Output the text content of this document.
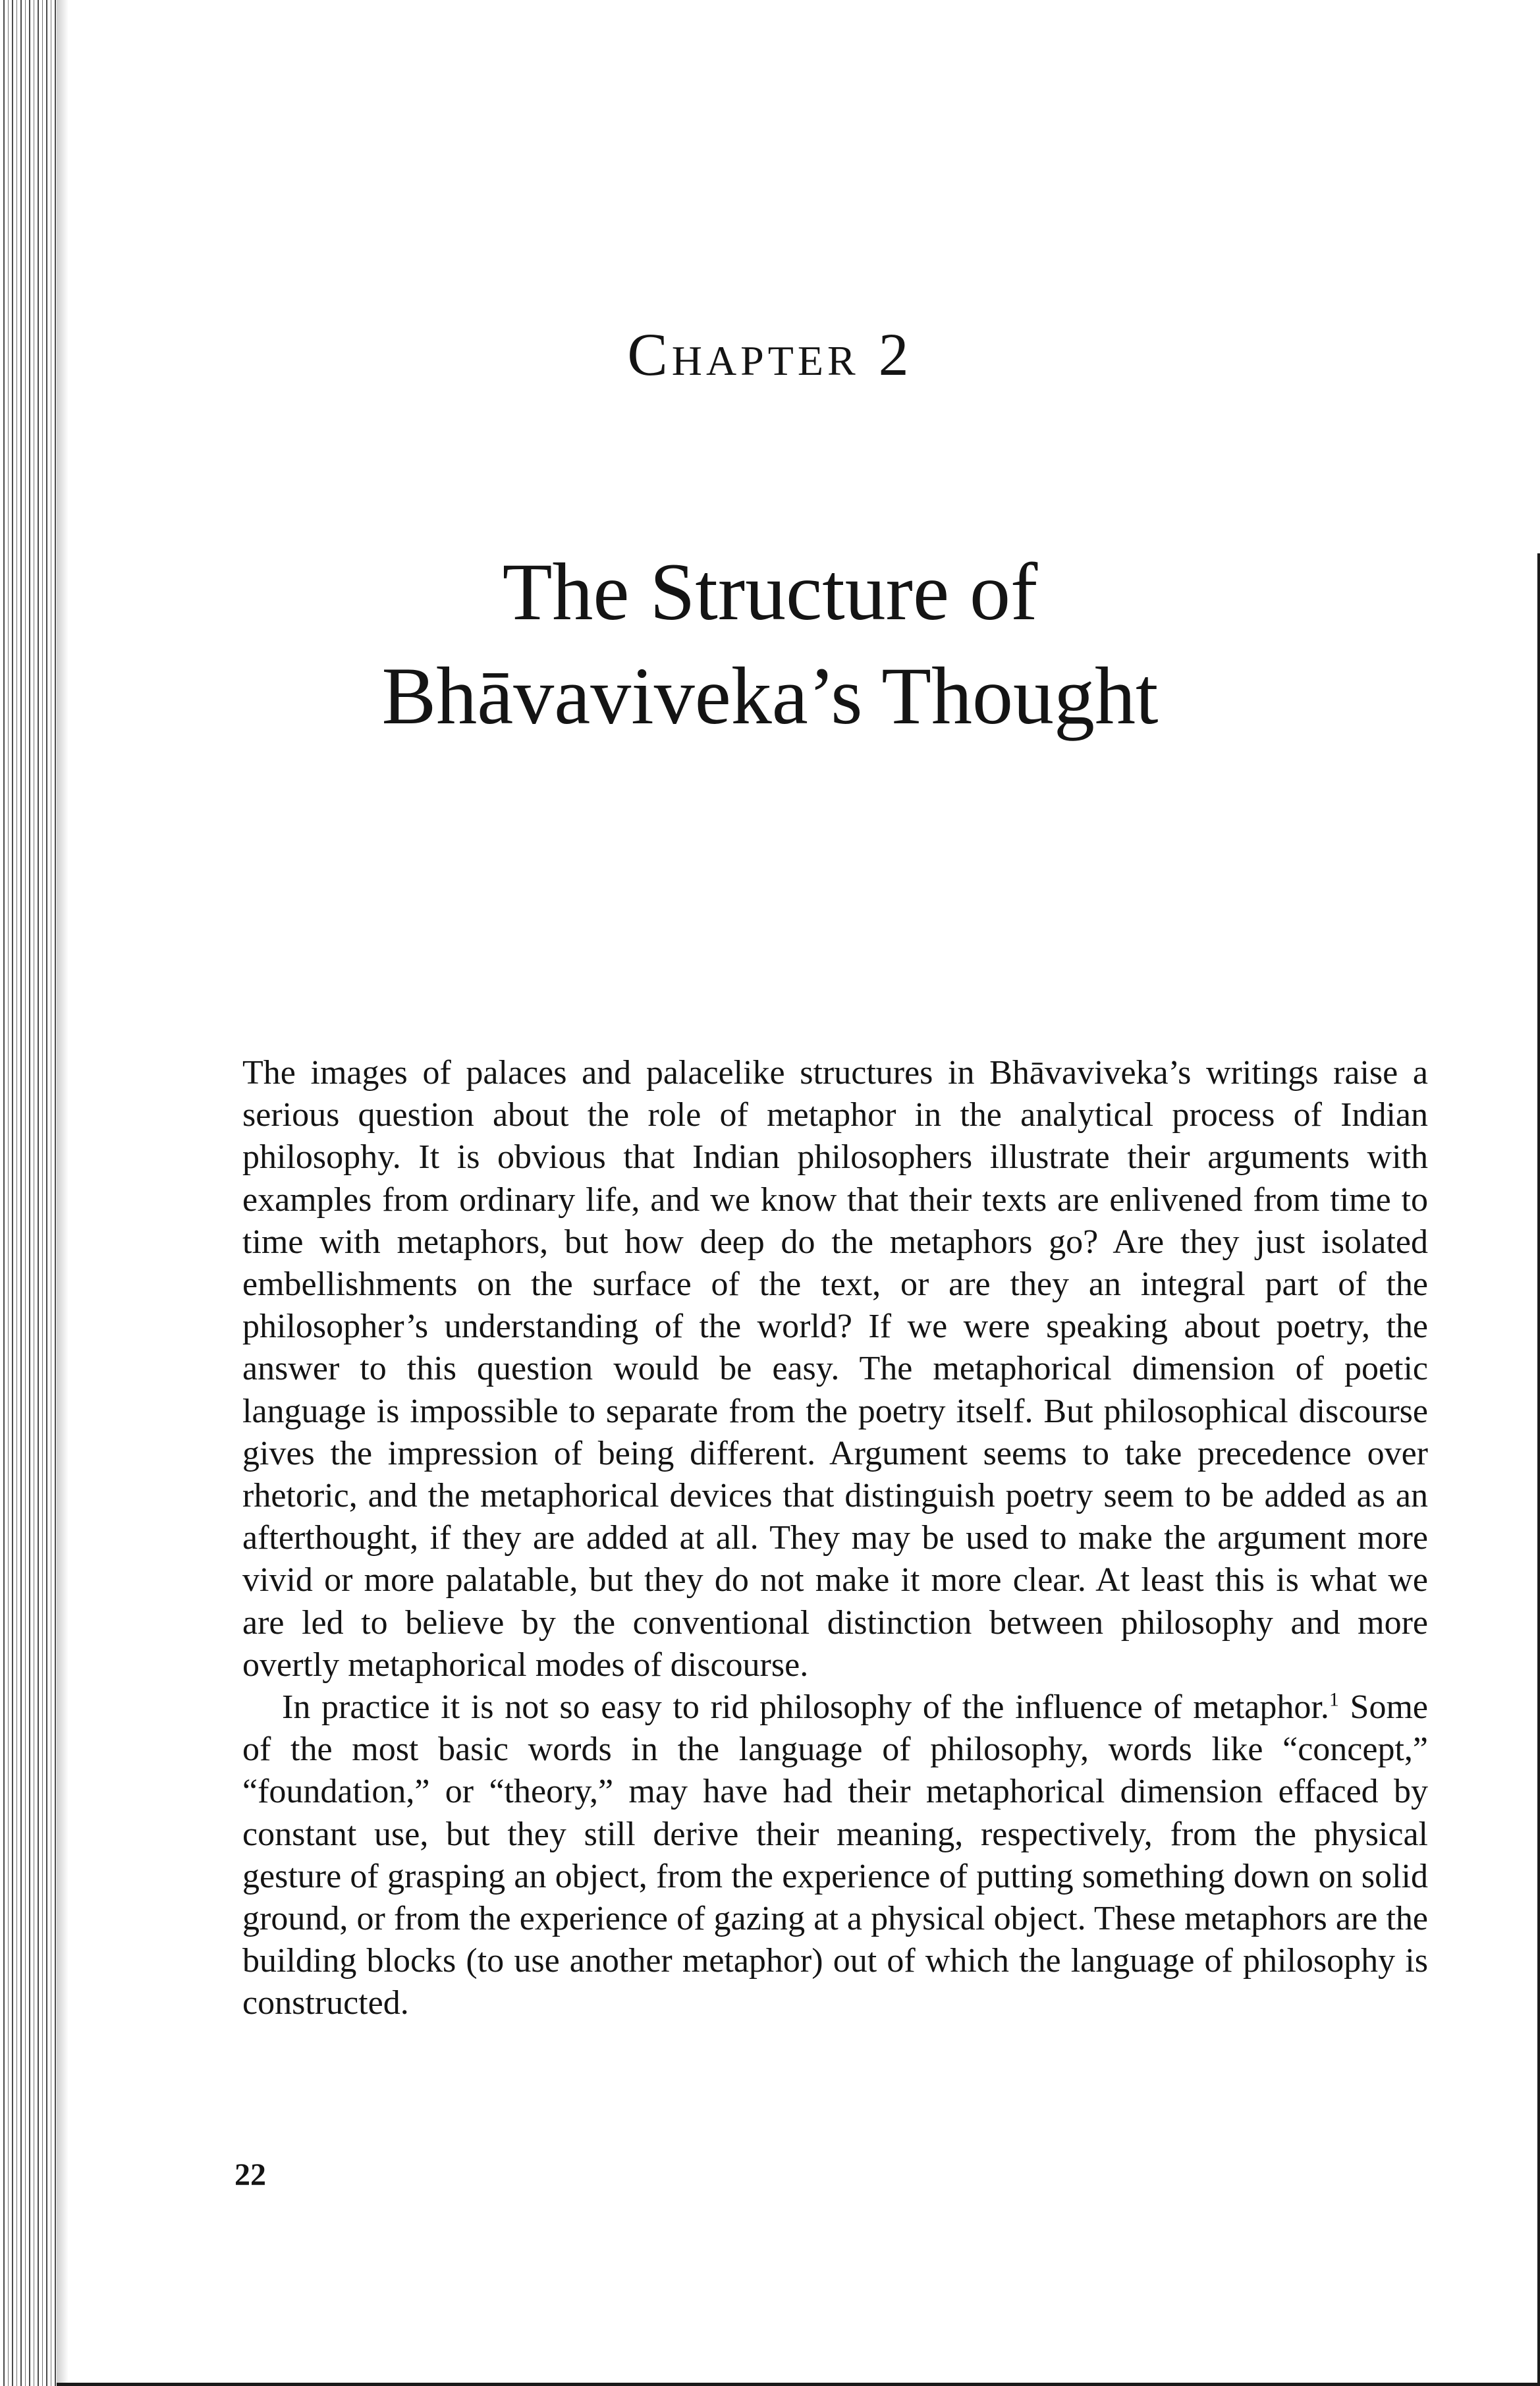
Chapter 2
The Structure of
Bhāvaviveka’s Thought

The images of palaces and palacelike structures in Bhāvaviveka’s writings raise a serious question about the role of metaphor in the analytical process of Indian philosophy. It is obvious that Indian philosophers illustrate their arguments with examples from ordinary life, and we know that their texts are enlivened from time to time with metaphors, but how deep do the metaphors go? Are they just isolated embellishments on the surface of the text, or are they an integral part of the philosopher’s understanding of the world? If we were speaking about poetry, the answer to this question would be easy. The metaphorical dimension of poetic language is impossible to separate from the poetry itself. But philosophical discourse gives the impression of being different. Argument seems to take precedence over rhetoric, and the metaphorical devices that distinguish poetry seem to be added as an afterthought, if they are added at all. They may be used to make the argument more vivid or more palatable, but they do not make it more clear. At least this is what we are led to believe by the conventional distinction between philosophy and more overtly metaphorical modes of discourse.

In practice it is not so easy to rid philosophy of the influence of metaphor.$^1$ Some of the most basic words in the language of philosophy, words like “concept,” “foundation,” or “theory,” may have had their metaphorical dimension effaced by constant use, but they still derive their meaning, respectively, from the physical gesture of grasping an object, from the experience of putting something down on solid ground, or from the experience of gazing at a physical object. These metaphors are the building blocks (to use another metaphor) out of which the language of philosophy is constructed.

22
